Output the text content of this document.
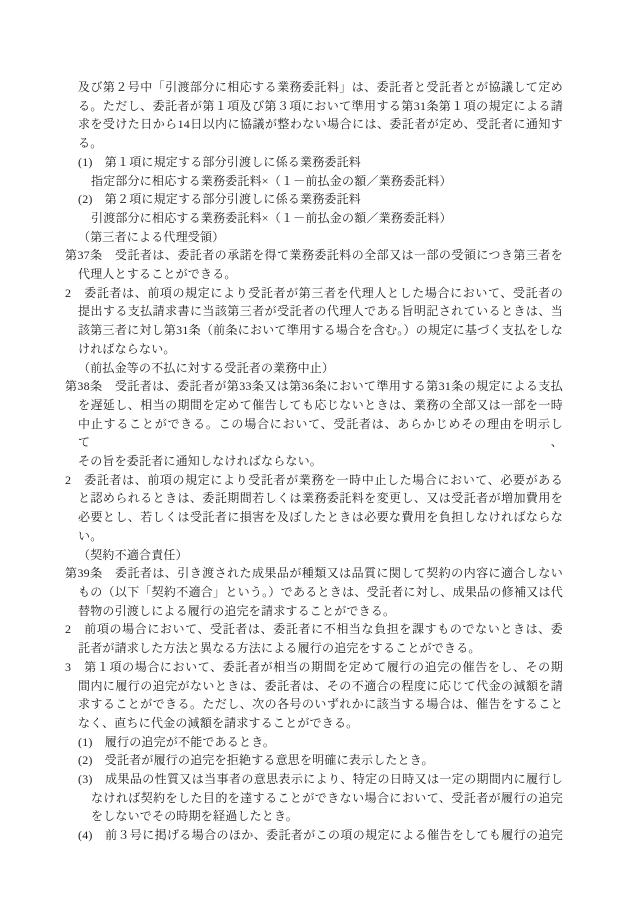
及び第２号中「引渡部分に相応する業務委託料」は、委託者と受託者とが協議して定め
る。ただし、委託者が第１項及び第３項において準用する第31条第１項の規定による請
求を受けた日から14日以内に協議が整わない場合には、委託者が定め、受託者に通知す
る。
(1)　第１項に規定する部分引渡しに係る業務委託料
指定部分に相応する業務委託料×（１－前払金の額／業務委託料）
(2)　第２項に規定する部分引渡しに係る業務委託料
引渡部分に相応する業務委託料×（１－前払金の額／業務委託料）
（第三者による代理受領）
第37条　受託者は、委託者の承諾を得て業務委託料の全部又は一部の受領につき第三者を
代理人とすることができる。
2　委託者は、前項の規定により受託者が第三者を代理人とした場合において、受託者の
提出する支払請求書に当該第三者が受託者の代理人である旨明記されているときは、当
該第三者に対し第31条（前条において準用する場合を含む。）の規定に基づく支払をしな
ければならない。
（前払金等の不払に対する受託者の業務中止）
第38条　受託者は、委託者が第33条又は第36条において準用する第31条の規定による支払
を遅延し、相当の期間を定めて催告しても応じないときは、業務の全部又は一部を一時
中止することができる。この場合において、受託者は、あらかじめその理由を明示して、
その旨を委託者に通知しなければならない。
2　委託者は、前項の規定により受託者が業務を一時中止した場合において、必要がある
と認められるときは、委託期間若しくは業務委託料を変更し、又は受託者が増加費用を
必要とし、若しくは受託者に損害を及ぼしたときは必要な費用を負担しなければならな
い。
（契約不適合責任）
第39条　委託者は、引き渡された成果品が種類又は品質に関して契約の内容に適合しない
もの（以下「契約不適合」という。）であるときは、受託者に対し、成果品の修補又は代
替物の引渡しによる履行の追完を請求することができる。
2　前項の場合において、受託者は、委託者に不相当な負担を課すものでないときは、委
託者が請求した方法と異なる方法による履行の追完をすることができる。
3　第１項の場合において、委託者が相当の期間を定めて履行の追完の催告をし、その期
間内に履行の追完がないときは、委託者は、その不適合の程度に応じて代金の減額を請
求することができる。ただし、次の各号のいずれかに該当する場合は、催告をすること
なく、直ちに代金の減額を請求することができる。
(1)　履行の追完が不能であるとき。
(2)　受託者が履行の追完を拒絶する意思を明確に表示したとき。
(3)　成果品の性質又は当事者の意思表示により、特定の日時又は一定の期間内に履行し
なければ契約をした目的を達することができない場合において、受託者が履行の追完
をしないでその時期を経過したとき。
(4)　前３号に掲げる場合のほか、委託者がこの項の規定による催告をしても履行の追完
